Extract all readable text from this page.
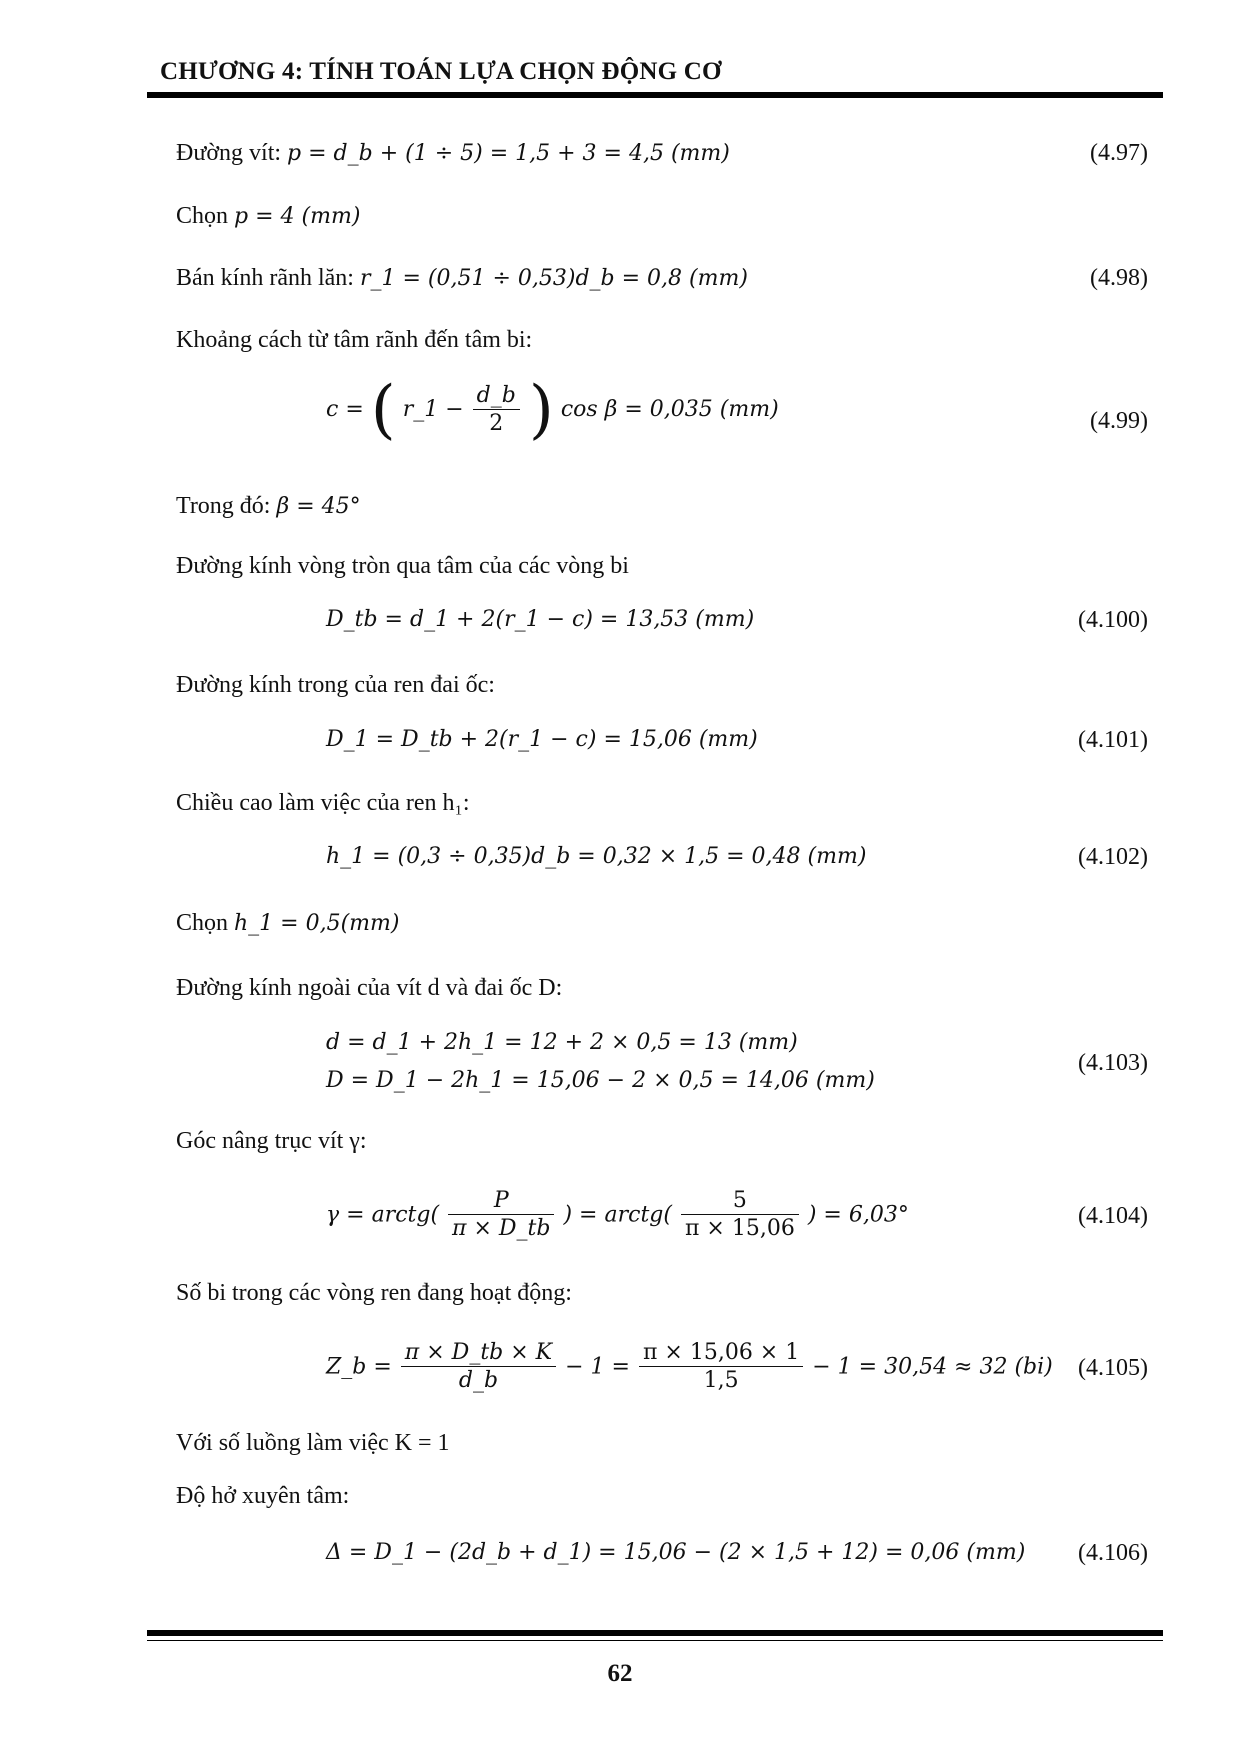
CHƯƠNG 4: TÍNH TOÁN LỰA CHỌN ĐỘNG CƠ
Đường vít: p = d_b + (1 ÷ 5) = 1,5 + 3 = 4,5 (mm)	(4.97)
Chọn p = 4 (mm)
Bán kính rãnh lăn: r_1 = (0,51 ÷ 0,53)d_b = 0,8 (mm)	(4.98)
Khoảng cách từ tâm rãnh đến tâm bi:
c = ( r_1 − $\frac{d\_b}{2}$ ) cos β = 0,035 (mm)	(4.99)
Trong đó: β = 45°
Đường kính vòng tròn qua tâm của các vòng bi
D_tb = d_1 + 2(r_1 − c) = 13,53 (mm)	(4.100)
Đường kính trong của ren đai ốc:
D_1 = D_tb + 2(r_1 − c) = 15,06 (mm)	(4.101)
Chiều cao làm việc của ren h₁:
h_1 = (0,3 ÷ 0,35)d_b = 0,32 × 1,5 = 0,48 (mm)	(4.102)
Chọn h_1 = 0,5(mm)
Đường kính ngoài của vít d và đai ốc D:
d = d_1 + 2h_1 = 12 + 2 × 0,5 = 13 (mm)
D = D_1 − 2h_1 = 15,06 − 2 × 0,5 = 14,06 (mm)
(4.103)
Góc nâng trục vít γ:
γ = arctg( $\frac{P}{\pi \times D\_tb}$ ) = arctg( $\frac{5}{\pi \times 15,06}$ ) = 6,03°	(4.104)
Số bi trong các vòng ren đang hoạt động:
Z_b = $\frac{\pi \times D\_tb \times K}{d\_b} - 1 = \frac{\pi \times 15,06 \times 1}{1,5} - 1 = 30,54 \approx 32$ (bi) (4.105)
Với số luồng làm việc K = 1
Độ hở xuyên tâm:
Δ = D_1 − (2d_b + d_1) = 15,06 − (2 × 1,5 + 12) = 0,06 (mm) (4.106)
62
